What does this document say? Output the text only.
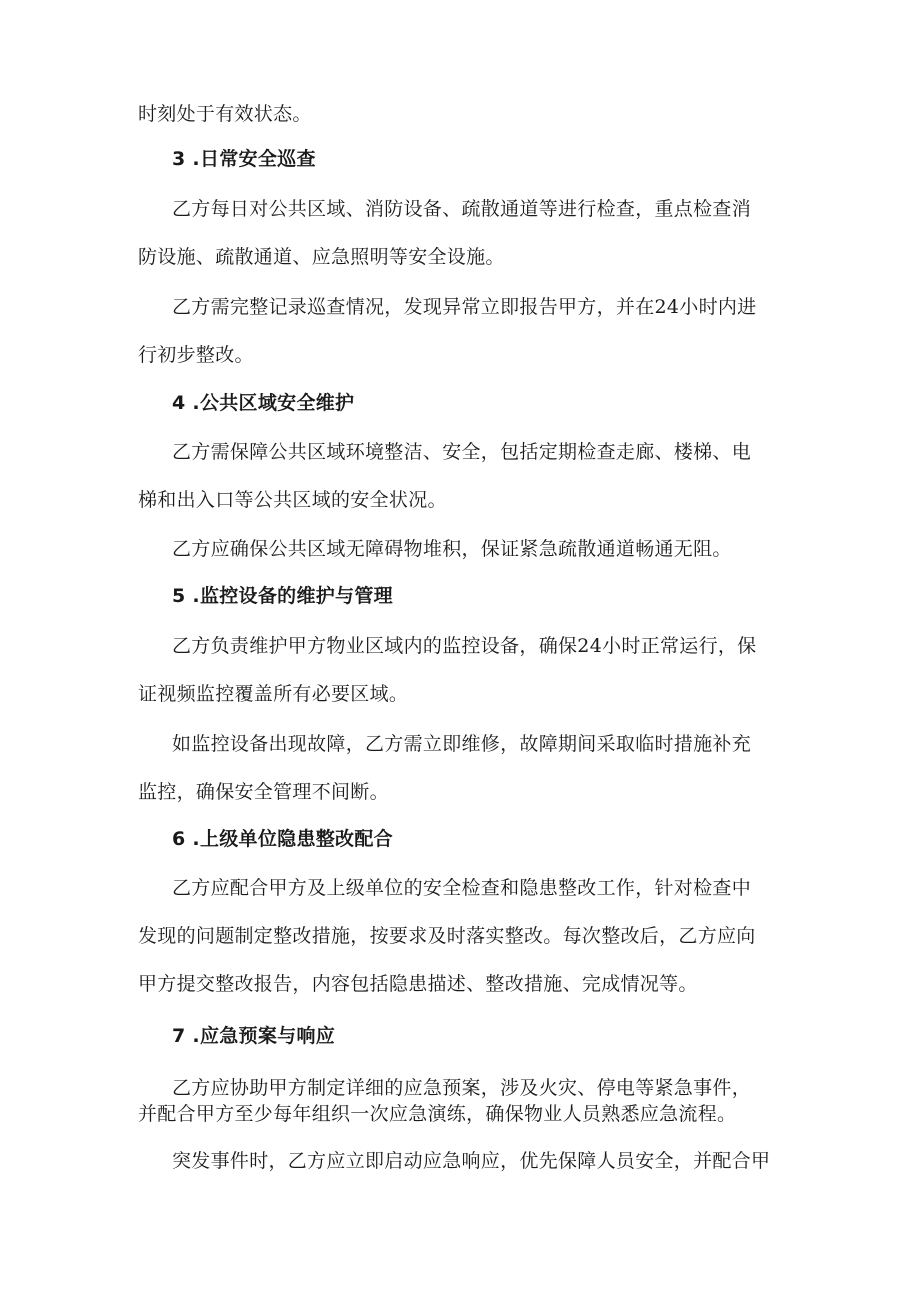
时刻处于有效状态。
3 .日常安全巡查
乙方每日对公共区域、消防设备、疏散通道等进行检查，重点检查消
防设施、疏散通道、应急照明等安全设施。
乙方需完整记录巡查情况，发现异常立即报告甲方，并在24小时内进
行初步整改。
4 .公共区域安全维护
乙方需保障公共区域环境整洁、安全，包括定期检查走廊、楼梯、电
梯和出入口等公共区域的安全状况。
乙方应确保公共区域无障碍物堆积，保证紧急疏散通道畅通无阻。
5 .监控设备的维护与管理
乙方负责维护甲方物业区域内的监控设备，确保24小时正常运行，保
证视频监控覆盖所有必要区域。
如监控设备出现故障，乙方需立即维修，故障期间采取临时措施补充
监控，确保安全管理不间断。
6 .上级单位隐患整改配合
乙方应配合甲方及上级单位的安全检查和隐患整改工作，针对检查中
发现的问题制定整改措施，按要求及时落实整改。每次整改后，乙方应向
甲方提交整改报告，内容包括隐患描述、整改措施、完成情况等。
7 .应急预案与响应
乙方应协助甲方制定详细的应急预案，涉及火灾、停电等紧急事件，
并配合甲方至少每年组织一次应急演练，确保物业人员熟悉应急流程。
突发事件时，乙方应立即启动应急响应，优先保障人员安全，并配合甲
